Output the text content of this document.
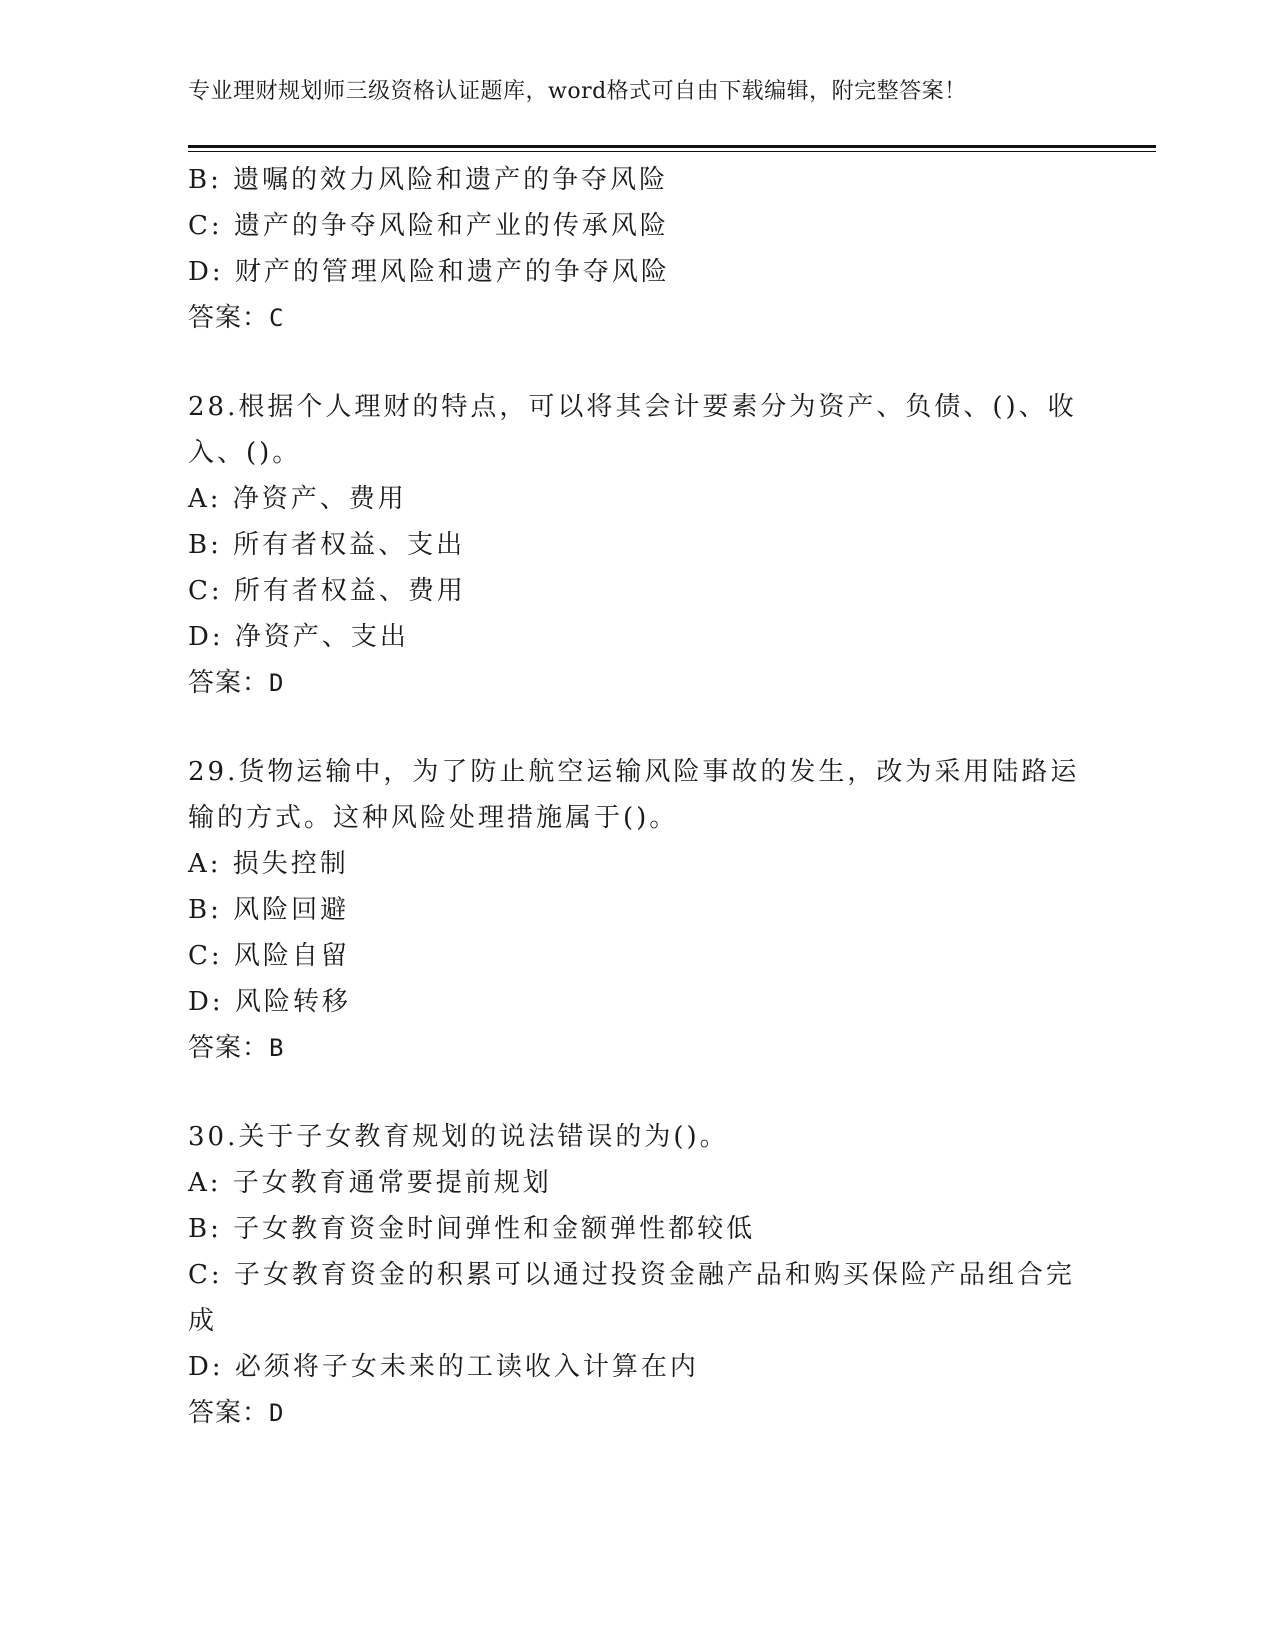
专业理财规划师三级资格认证题库，word格式可自由下载编辑，附完整答案！

B: 遗嘱的效力风险和遗产的争夺风险

C: 遗产的争夺风险和产业的传承风险

D: 财产的管理风险和遗产的争夺风险

答案：C

28.根据个人理财的特点，可以将其会计要素分为资产、负债、()、收入、()。

A: 净资产、费用

B: 所有者权益、支出

C: 所有者权益、费用

D: 净资产、支出

答案：D

29.货物运输中，为了防止航空运输风险事故的发生，改为采用陆路运输的方式。这种风险处理措施属于()。

A: 损失控制

B: 风险回避

C: 风险自留

D: 风险转移

答案：B

30.关于子女教育规划的说法错误的为()。

A: 子女教育通常要提前规划

B: 子女教育资金时间弹性和金额弹性都较低

C: 子女教育资金的积累可以通过投资金融产品和购买保险产品组合完成

D: 必须将子女未来的工读收入计算在内

答案：D
